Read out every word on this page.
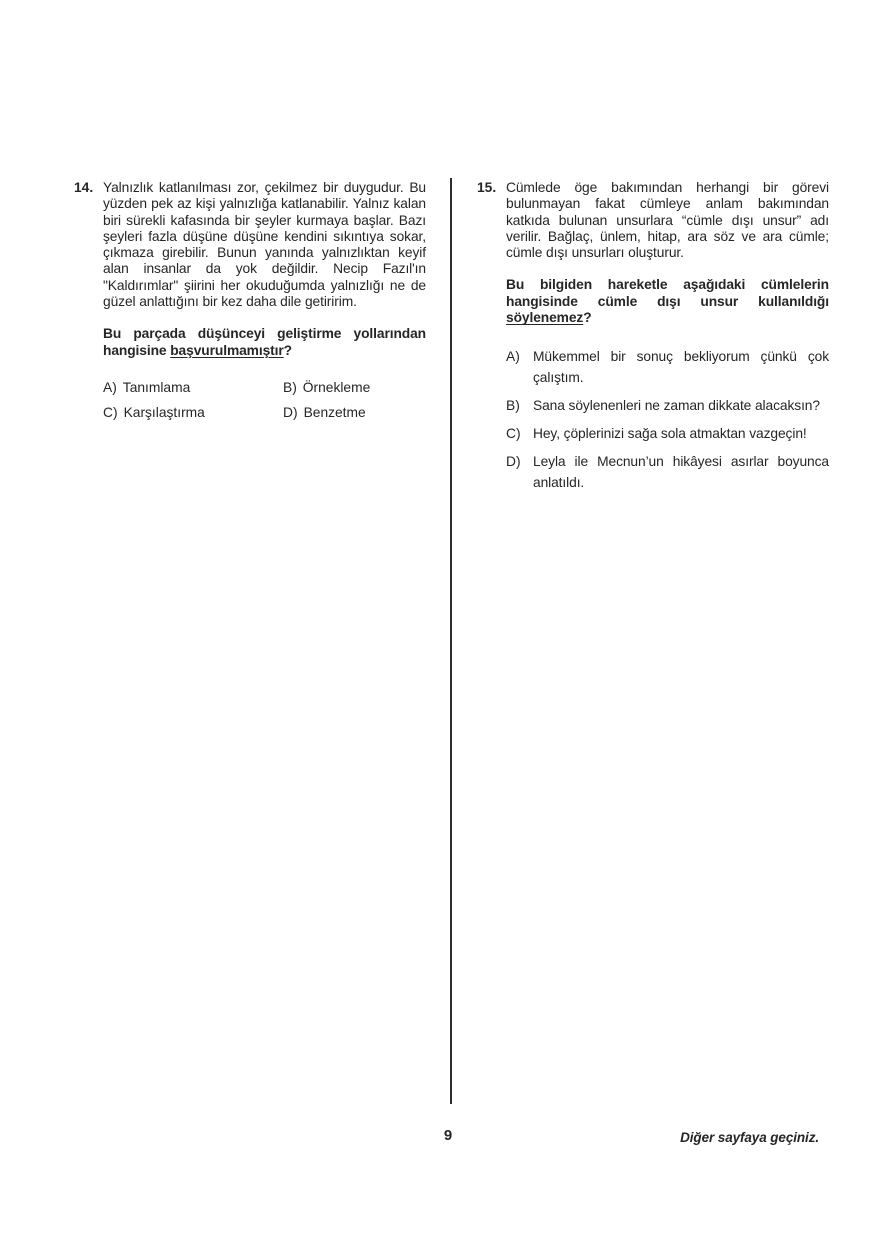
14. Yalnızlık katlanılması zor, çekilmez bir duygudur. Bu yüzden pek az kişi yalnızlığa katlanabilir. Yalnız kalan biri sürekli kafasında bir şeyler kurmaya başlar. Bazı şeyleri fazla düşüne düşüne kendini sıkıntıya sokar, çıkmaza girebilir. Bunun yanında yalnızlıktan keyif alan insanlar da yok değildir. Necip Fazıl'ın "Kaldırımlar" şiirini her okuduğumda yalnızlığı ne de güzel anlattığını bir kez daha dile getiririm.

Bu parçada düşünceyi geliştirme yollarından hangisine başvurulmamıştır?

A) Tanımlama	B) Örnekleme
C) Karşılaştırma	D) Benzetme
15. Cümlede öge bakımından herhangi bir görevi bulunmayan fakat cümleye anlam bakımından katkıda bulunan unsurlara “cümle dışı unsur” adı verilir. Bağlaç, ünlem, hitap, ara söz ve ara cümle; cümle dışı unsurları oluşturur.

Bu bilgiden hareketle aşağıdaki cümlelerin hangisinde cümle dışı unsur kullanıldığı söylenemez?

A) Mükemmel bir sonuç bekliyorum çünkü çok çalıştım.
B) Sana söylenenleri ne zaman dikkate alacaksın?
C) Hey, çöplerinizi sağa sola atmaktan vazgeçin!
D) Leyla ile Mecnun’un hikâyesi asırlar boyunca anlatıldı.
9	Diğer sayfaya geçiniz.
